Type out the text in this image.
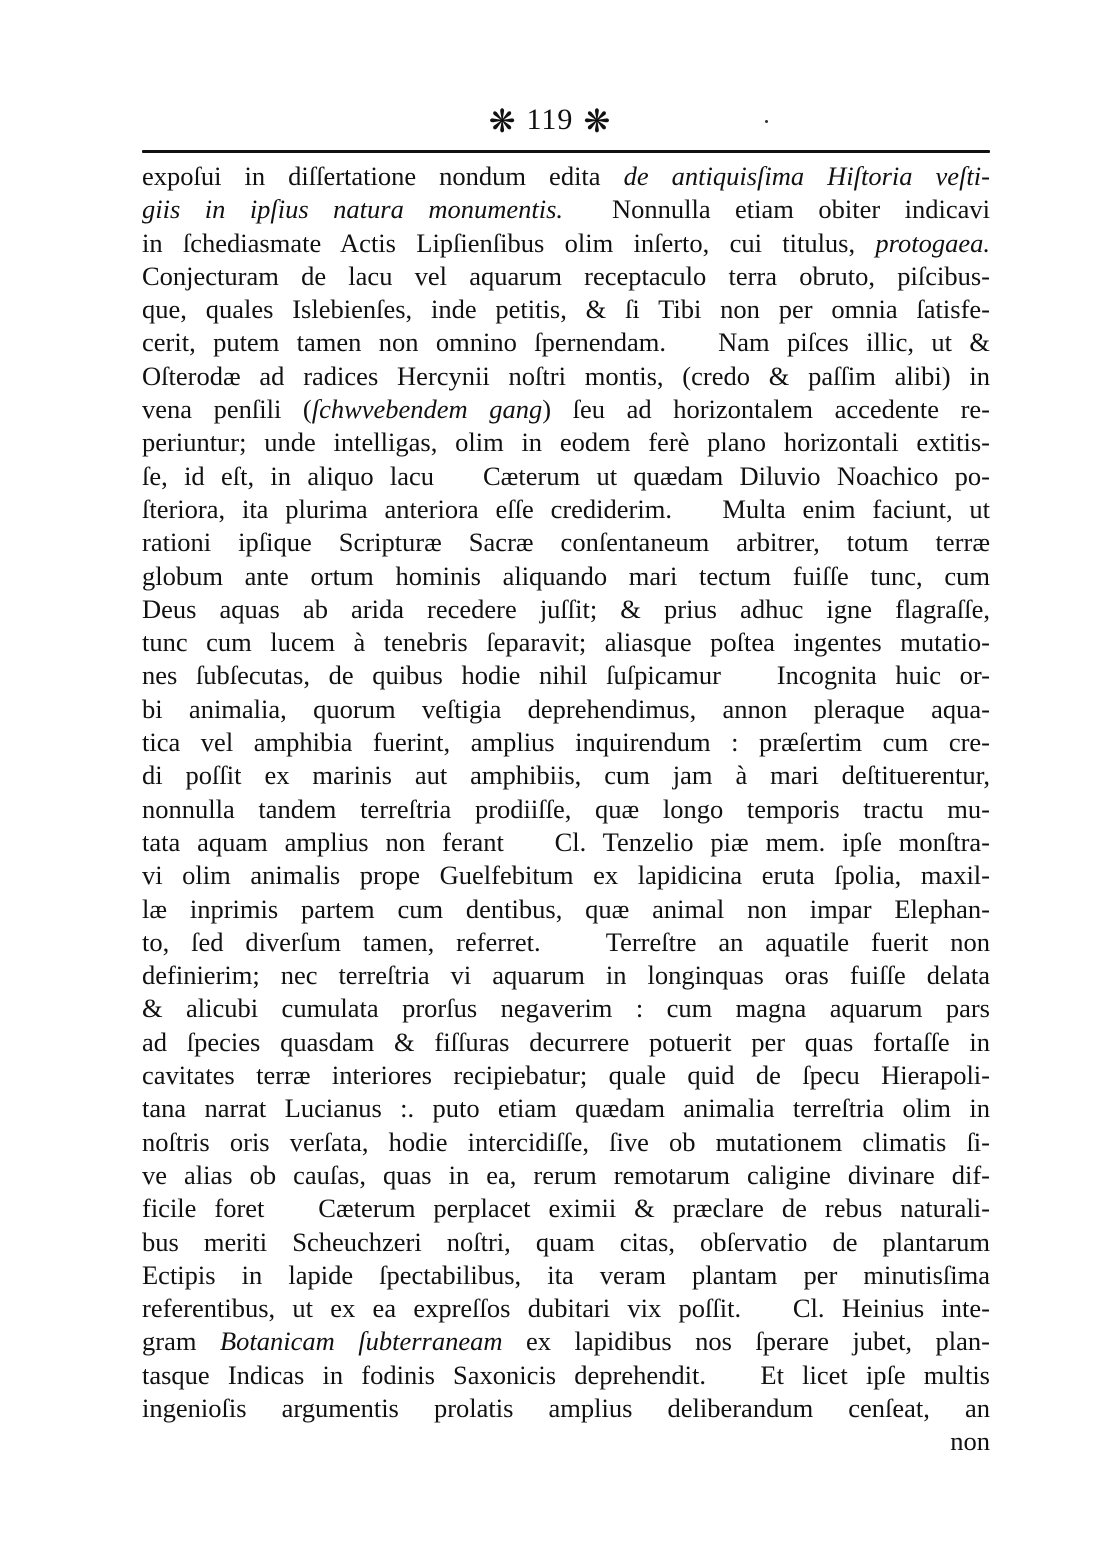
❋ 119 ❋
expoſui in diſſertatione nondum edita de antiquisſima Hiſtoria veſti-
giis in ipſius natura monumentis.  Nonnulla etiam obiter indicavi
in ſchediasmate Actis Lipſienſibus olim inſerto, cui titulus, protogaea.
Conjecturam de lacu vel aquarum receptaculo terra obruto, piſcibus-
que, quales Islebienſes, inde petitis, & ſi Tibi non per omnia ſatisfe-
cerit, putem tamen non omnino ſpernendam.   Nam piſces illic, ut &
Oſterodæ ad radices Hercynii noſtri montis, (credo & paſſim alibi) in
vena penſili (ſchwvebendem gang) ſeu ad horizontalem accedente re-
periuntur; unde intelligas, olim in eodem ferè plano horizontali extitis-
ſe, id eſt, in aliquo lacu   Cæterum ut quædam Diluvio Noachico po-
ſteriora, ita plurima anteriora eſſe crediderim.   Multa enim faciunt, ut
rationi ipſique Scripturæ Sacræ conſentaneum arbitrer, totum terræ
globum ante ortum hominis aliquando mari tectum fuiſſe tunc, cum
Deus aquas ab arida recedere juſſit; & prius adhuc igne flagraſſe,
tunc cum lucem à tenebris ſeparavit; aliasque poſtea ingentes mutatio-
nes ſubſecutas, de quibus hodie nihil ſuſpicamur   Incognita huic or-
bi animalia, quorum veſtigia deprehendimus, annon pleraque aqua-
tica vel amphibia fuerint, amplius inquirendum : præſertim cum cre-
di poſſit ex marinis aut amphibiis, cum jam à mari deſtituerentur,
nonnulla tandem terreſtria prodiiſſe, quæ longo temporis tractu mu-
tata aquam amplius non ferant   Cl. Tenzelio piæ mem. ipſe monſtra-
vi olim animalis prope Guelfebitum ex lapidicina eruta ſpolia, maxil-
læ inprimis partem cum dentibus, quæ animal non impar Elephan-
to, ſed diverſum tamen, referret.   Terreſtre an aquatile fuerit non
definierim; nec terreſtria vi aquarum in longinquas oras fuiſſe delata
& alicubi cumulata prorſus negaverim : cum magna aquarum pars
ad ſpecies quasdam & fiſſuras decurrere potuerit per quas fortaſſe in
cavitates terræ interiores recipiebatur; quale quid de ſpecu Hierapoli-
tana narrat Lucianus :. puto etiam quædam animalia terreſtria olim in
noſtris oris verſata, hodie intercidiſſe, ſive ob mutationem climatis ſi-
ve alias ob cauſas, quas in ea, rerum remotarum caligine divinare dif-
ficile foret   Cæterum perplacet eximii & præclare de rebus naturali-
bus meriti Scheuchzeri noſtri, quam citas, obſervatio de plantarum
Ectipis in lapide ſpectabilibus, ita veram plantam per minutisſima
referentibus, ut ex ea expreſſos dubitari vix poſſit.   Cl. Heinius inte-
gram Botanicam ſubterraneam ex lapidibus nos ſperare jubet, plan-
tasque Indicas in fodinis Saxonicis deprehendit.   Et licet ipſe multis
ingenioſis argumentis prolatis amplius deliberandum cenſeat, an
non
